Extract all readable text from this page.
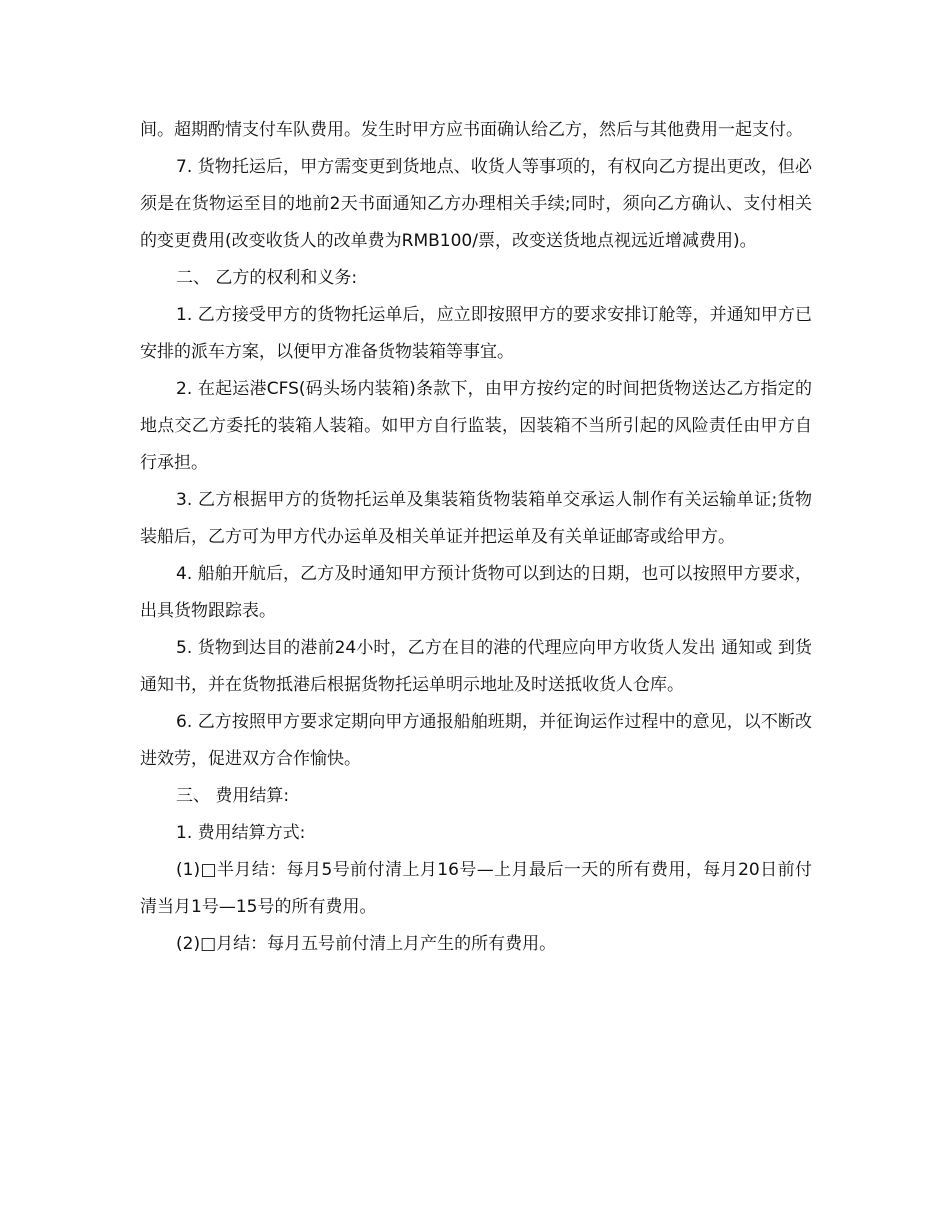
间。超期酌情支付车队费用。发生时甲方应书面确认给乙方，然后与其他费用一起支付。

7. 货物托运后，甲方需变更到货地点、收货人等事项的，有权向乙方提出更改，但必须是在货物运至目的地前2天书面通知乙方办理相关手续;同时，须向乙方确认、支付相关的变更费用(改变收货人的改单费为RMB100/票，改变送货地点视远近增减费用)。

二、 乙方的权利和义务:

1. 乙方接受甲方的货物托运单后，应立即按照甲方的要求安排订舱等，并通知甲方已安排的派车方案，以便甲方准备货物装箱等事宜。

2. 在起运港CFS(码头场内装箱)条款下，由甲方按约定的时间把货物送达乙方指定的地点交乙方委托的装箱人装箱。如甲方自行监装，因装箱不当所引起的风险责任由甲方自行承担。

3. 乙方根据甲方的货物托运单及集装箱货物装箱单交承运人制作有关运输单证;货物装船后，乙方可为甲方代办运单及相关单证并把运单及有关单证邮寄或给甲方。

4. 船舶开航后，乙方及时通知甲方预计货物可以到达的日期，也可以按照甲方要求，出具货物跟踪表。

5. 货物到达目的港前24小时，乙方在目的港的代理应向甲方收货人发出 通知或 到货通知书，并在货物抵港后根据货物托运单明示地址及时送抵收货人仓库。

6. 乙方按照甲方要求定期向甲方通报船舶班期，并征询运作过程中的意见，以不断改进效劳，促进双方合作愉快。

三、 费用结算:

1. 费用结算方式:

(1)□半月结：每月5号前付清上月16号—上月最后一天的所有费用，每月20日前付清当月1号—15号的所有费用。

(2)□月结：每月五号前付清上月产生的所有费用。
